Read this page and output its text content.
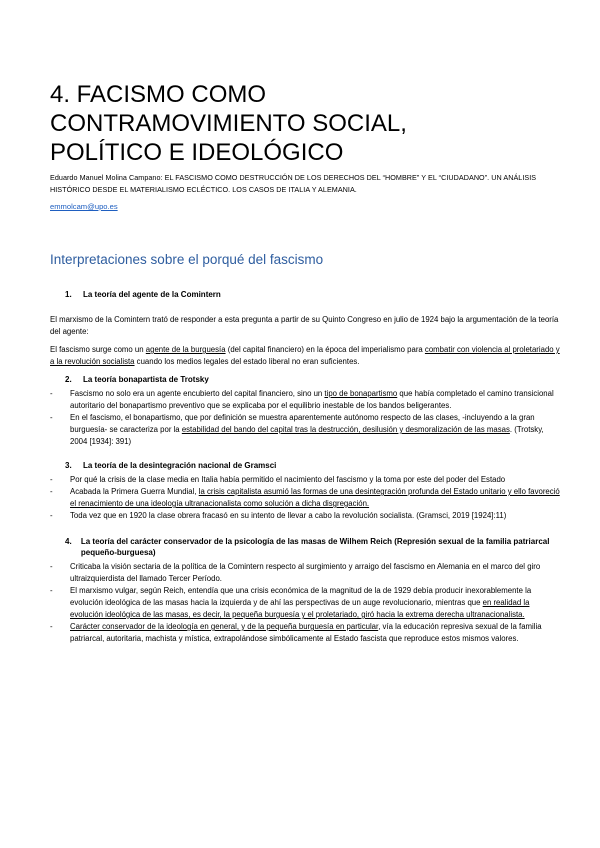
4. FACISMO COMO CONTRAMOVIMIENTO SOCIAL, POLÍTICO E IDEOLÓGICO
Eduardo Manuel Molina Campano: EL FASCISMO COMO DESTRUCCIÓN DE LOS DERECHOS DEL “HOMBRE” Y EL “CIUDADANO”. UN ANÁLISIS HISTÓRICO DESDE EL MATERIALISMO ECLÉCTICO. LOS CASOS DE ITALIA Y ALEMANIA.
emmolcam@upo.es
Interpretaciones sobre el porqué del fascismo
1.	La teoría del agente de la Comintern

El marxismo de la Comintern trató de responder a esta pregunta a partir de su Quinto Congreso en julio de 1924 bajo la argumentación de la teoría del agente:

El fascismo surge como un agente de la burguesía (del capital financiero) en la época del imperialismo para combatir con violencia al proletariado y a la revolución socialista cuando los medios legales del estado liberal no eran suficientes.

2.	La teoría bonapartista de Trotsky
- Fascismo no solo era un agente encubierto del capital financiero, sino un tipo de bonapartismo que había completado el camino transicional autoritario del bonapartismo preventivo que se explicaba por el equilibrio inestable de los bandos beligerantes.
- En el fascismo, el bonapartismo, que por definición se muestra aparentemente autónomo respecto de las clases, -incluyendo a la gran burguesía- se caracteriza por la estabilidad del bando del capital tras la destrucción, desilusión y desmoralización de las masas. (Trotsky, 2004 [1934]: 391)
3.	La teoría de la desintegración nacional de Gramsci
- Por qué la crisis de la clase media en Italia había permitido el nacimiento del fascismo y la toma por este del poder del Estado
- Acabada la Primera Guerra Mundial, la crisis capitalista asumió las formas de una desintegración profunda del Estado unitario y ello favoreció el renacimiento de una ideología ultranacionalista como solución a dicha disgregación.
- Toda vez que en 1920 la clase obrera fracasó en su intento de llevar a cabo la revolución socialista. (Gramsci, 2019 [1924]:11)
4.	La teoría del carácter conservador de la psicología de las masas de Wilhem Reich (Represión sexual de la familia patriarcal pequeño-burguesa)
- Criticaba la visión sectaria de la política de la Comintern respecto al surgimiento y arraigo del fascismo en Alemania en el marco del giro ultraizquierdista del llamado Tercer Período.
- El marxismo vulgar, según Reich, entendía que una crisis económica de la magnitud de la de 1929 debía producir inexorablemente la evolución ideológica de las masas hacia la izquierda y de ahí las perspectivas de un auge revolucionario, mientras que en realidad la evolución ideológica de las masas, es decir, la pequeña burguesía y el proletariado, giró hacia la extrema derecha ultranacionalista.
- Carácter conservador de la ideología en general, y de la pequeña burguesía en particular, vía la educación represiva sexual de la familia patriarcal, autoritaria, machista y mística, extrapolándose simbólicamente al Estado fascista que reproduce estos mismos valores.
